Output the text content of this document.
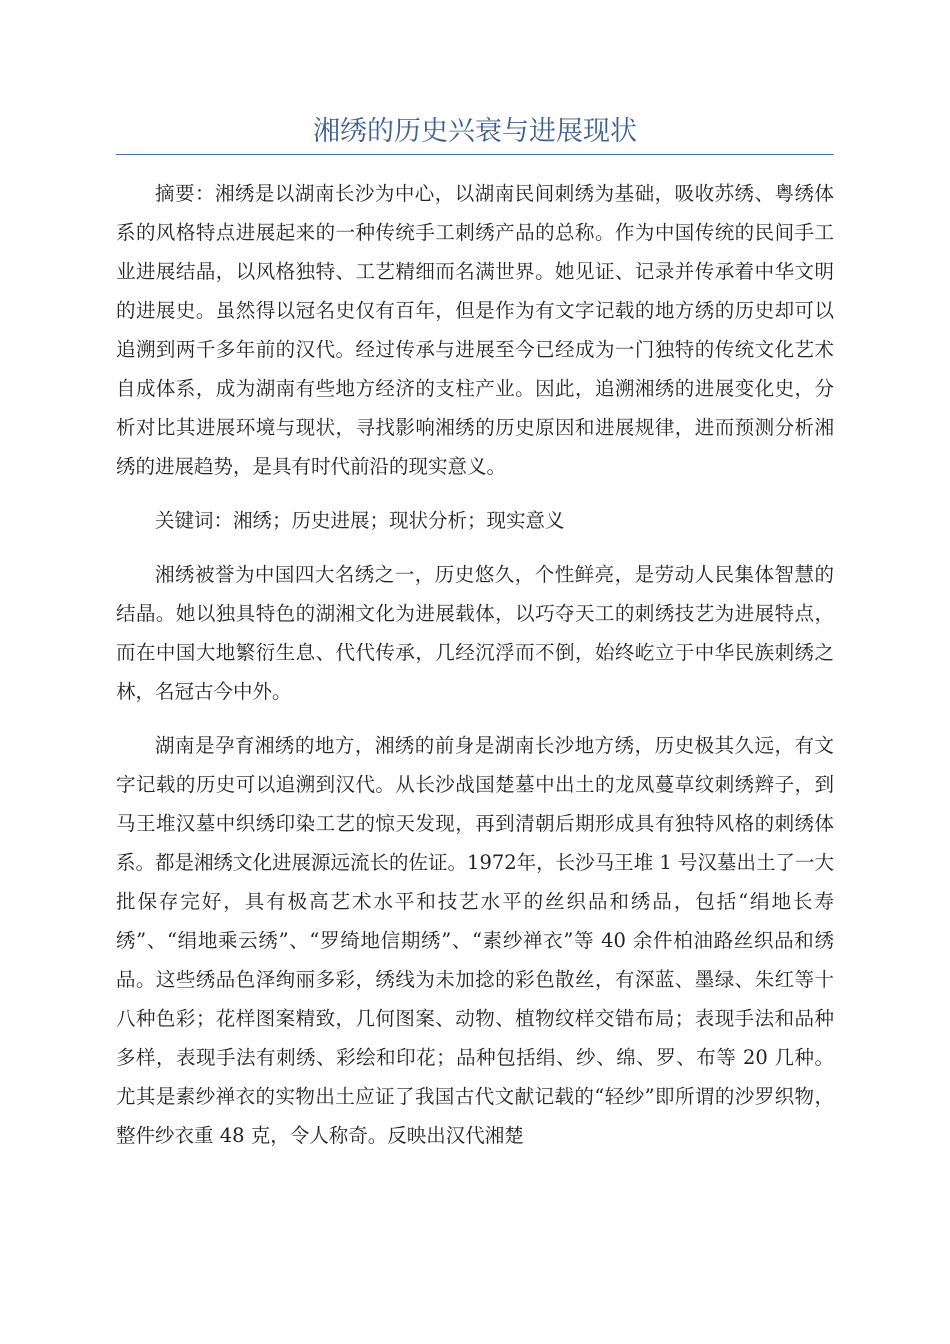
湘绣的历史兴衰与进展现状

摘要：湘绣是以湖南长沙为中心，以湖南民间刺绣为基础，吸收苏绣、粤绣体系的风格特点进展起来的一种传统手工刺绣产品的总称。作为中国传统的民间手工业进展结晶，以风格独特、工艺精细而名满世界。她见证、记录并传承着中华文明的进展史。虽然得以冠名史仅有百年，但是作为有文字记载的地方绣的历史却可以追溯到两千多年前的汉代。经过传承与进展至今已经成为一门独特的传统文化艺术自成体系，成为湖南有些地方经济的支柱产业。因此，追溯湘绣的进展变化史，分析对比其进展环境与现状，寻找影响湘绣的历史原因和进展规律，进而预测分析湘绣的进展趋势，是具有时代前沿的现实意义。

关键词：湘绣；历史进展；现状分析；现实意义

湘绣被誉为中国四大名绣之一，历史悠久，个性鲜亮，是劳动人民集体智慧的结晶。她以独具特色的湖湘文化为进展载体，以巧夺天工的刺绣技艺为进展特点，而在中国大地繁衍生息、代代传承，几经沉浮而不倒，始终屹立于中华民族刺绣之林，名冠古今中外。

湖南是孕育湘绣的地方，湘绣的前身是湖南长沙地方绣，历史极其久远，有文字记载的历史可以追溯到汉代。从长沙战国楚墓中出土的龙凤蔓草纹刺绣辫子，到马王堆汉墓中织绣印染工艺的惊天发现，再到清朝后期形成具有独特风格的刺绣体系。都是湘绣文化进展源远流长的佐证。1972年，长沙马王堆 1 号汉墓出土了一大批保存完好，具有极高艺术水平和技艺水平的丝织品和绣品，包括“绢地长寿绣”、“绢地乘云绣”、“罗绮地信期绣”、“素纱禅衣”等 40 余件柏油路丝织品和绣品。这些绣品色泽绚丽多彩，绣线为未加捻的彩色散丝，有深蓝、墨绿、朱红等十八种色彩；花样图案精致，几何图案、动物、植物纹样交错布局；表现手法和品种多样，表现手法有刺绣、彩绘和印花；品种包括绢、纱、绵、罗、布等 20 几种。尤其是素纱禅衣的实物出土应证了我国古代文献记载的“轻纱”即所谓的沙罗织物，整件纱衣重 48 克，令人称奇。反映出汉代湘楚
